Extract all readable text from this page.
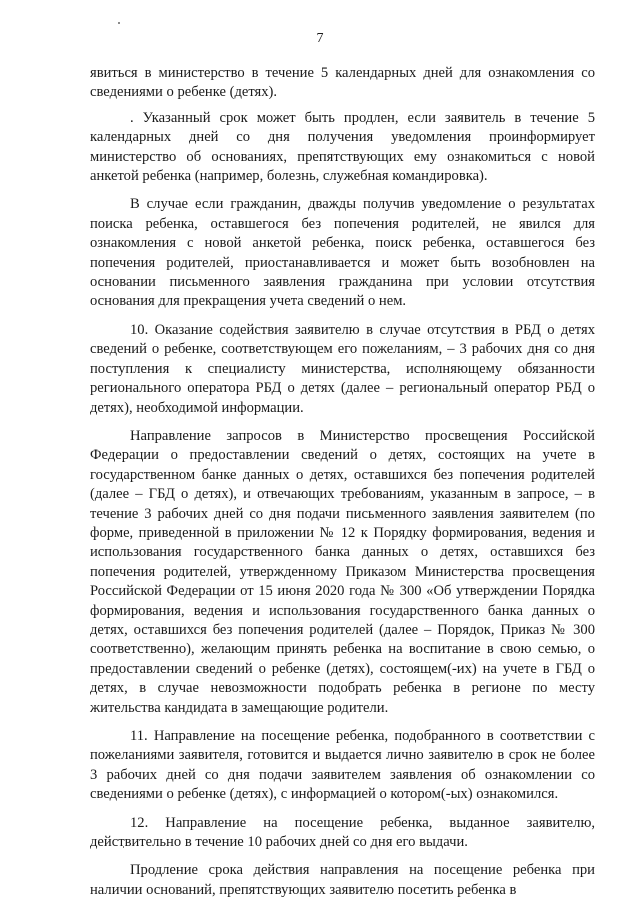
7

явиться в министерство в течение 5 календарных дней для ознакомления со сведениями о ребенке (детях).

. Указанный срок может быть продлен, если заявитель в течение 5 календарных дней со дня получения уведомления проинформирует министерство об основаниях, препятствующих ему ознакомиться с новой анкетой ребенка (например, болезнь, служебная командировка).

В случае если гражданин, дважды получив уведомление о результатах поиска ребенка, оставшегося без попечения родителей, не явился для ознакомления с новой анкетой ребенка, поиск ребенка, оставшегося без попечения родителей, приостанавливается и может быть возобновлен на основании письменного заявления гражданина при условии отсутствия основания для прекращения учета сведений о нем.

10. Оказание содействия заявителю в случае отсутствия в РБД о детях сведений о ребенке, соответствующем его пожеланиям, – 3 рабочих дня со дня поступления к специалисту министерства, исполняющему обязанности регионального оператора РБД о детях (далее – региональный оператор РБД о детях), необходимой информации.

Направление запросов в Министерство просвещения Российской Федерации о предоставлении сведений о детях, состоящих на учете в государственном банке данных о детях, оставшихся без попечения родителей (далее – ГБД о детях), и отвечающих требованиям, указанным в запросе, – в течение 3 рабочих дней со дня подачи письменного заявления заявителем (по форме, приведенной в приложении № 12 к Порядку формирования, ведения и использования государственного банка данных о детях, оставшихся без попечения родителей, утвержденному Приказом Министерства просвещения Российской Федерации от 15 июня 2020 года № 300 «Об утверждении Порядка формирования, ведения и использования государственного банка данных о детях, оставшихся без попечения родителей (далее – Порядок, Приказ № 300 соответственно), желающим принять ребенка на воспитание в свою семью, о предоставлении сведений о ребенке (детях), состоящем(-их) на учете в ГБД о детях, в случае невозможности подобрать ребенка в регионе по месту жительства кандидата в замещающие родители.

11. Направление на посещение ребенка, подобранного в соответствии с пожеланиями заявителя, готовится и выдается лично заявителю в срок не более 3 рабочих дней со дня подачи заявителем заявления об ознакомлении со сведениями о ребенке (детях), с информацией о котором(-ых) ознакомился.

12. Направление на посещение ребенка, выданное заявителю, действительно в течение 10 рабочих дней со дня его выдачи.

Продление срока действия направления на посещение ребенка при наличии оснований, препятствующих заявителю посетить ребенка в
